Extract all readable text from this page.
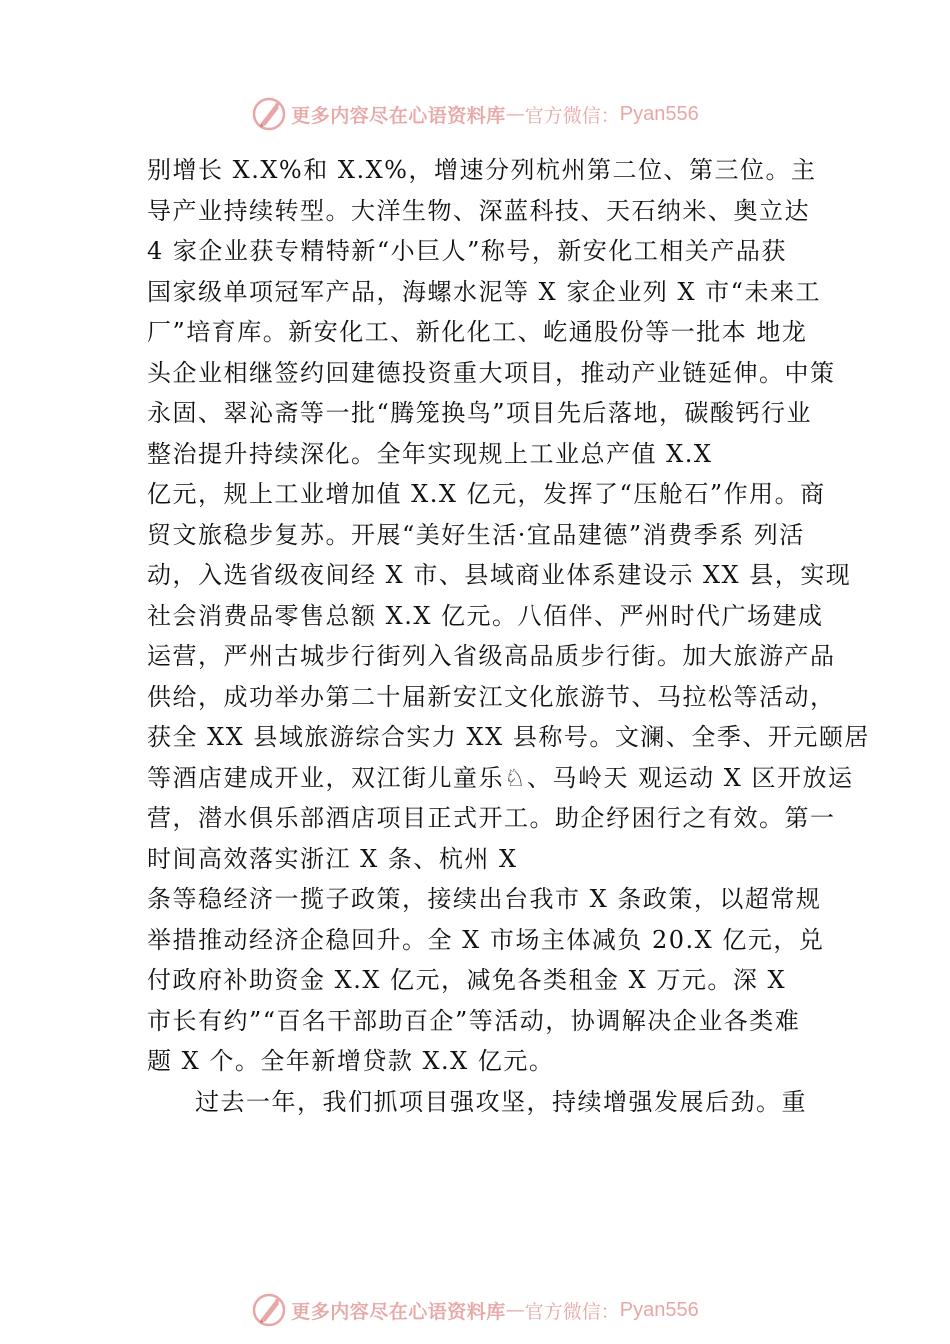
更多内容尽在心语资料库 — 官方微信： Pyan556
别增长 X.X%和 X.X%，增速分列杭州第二位、第三位。主
导产业持续转型。大洋生物、深蓝科技、天石纳米、奥立达
4 家企业获专精特新“小巨人”称号，新安化工相关产品获
国家级单项冠军产品，海螺水泥等 X 家企业列 X 市“未来工
厂”培育库。新安化工、新化化工、屹通股份等一批本 地龙
头企业相继签约回建德投资重大项目，推动产业链延伸。中策
永固、翠沁斋等一批“腾笼换鸟”项目先后落地，碳酸钙行业
整治提升持续深化。全年实现规上工业总产值 X.X
亿元，规上工业增加值 X.X 亿元，发挥了“压舱石”作用。商
贸文旅稳步复苏。开展“美好生活·宜品建德”消费季系 列活
动，入选省级夜间经 X 市、县域商业体系建设示 XX 县，实现
社会消费品零售总额 X.X 亿元。八佰伴、严州时代广场建成
运营，严州古城步行街列入省级高品质步行街。加大旅游产品
供给，成功举办第二十届新安江文化旅游节、马拉松等活动，
获全 XX 县域旅游综合实力 XX 县称号。文澜、全季、开元颐居
等酒店建成开业，双江街儿童乐♘、马岭天 观运动 X 区开放运
营，潜水俱乐部酒店项目正式开工。助企纾困行之有效。第一
时间高效落实浙江 X 条、杭州 X
条等稳经济一揽子政策，接续出台我市 X 条政策，以超常规
举措推动经济企稳回升。全 X 市场主体减负 20.X 亿元，兑
付政府补助资金 X.X 亿元，减免各类租金 X 万元。深 X
市长有约”“百名干部助百企”等活动，协调解决企业各类难
题 X 个。全年新增贷款 X.X 亿元。
过去一年，我们抓项目强攻坚，持续增强发展后劲。重
更多内容尽在心语资料库 — 官方微信： Pyan556
